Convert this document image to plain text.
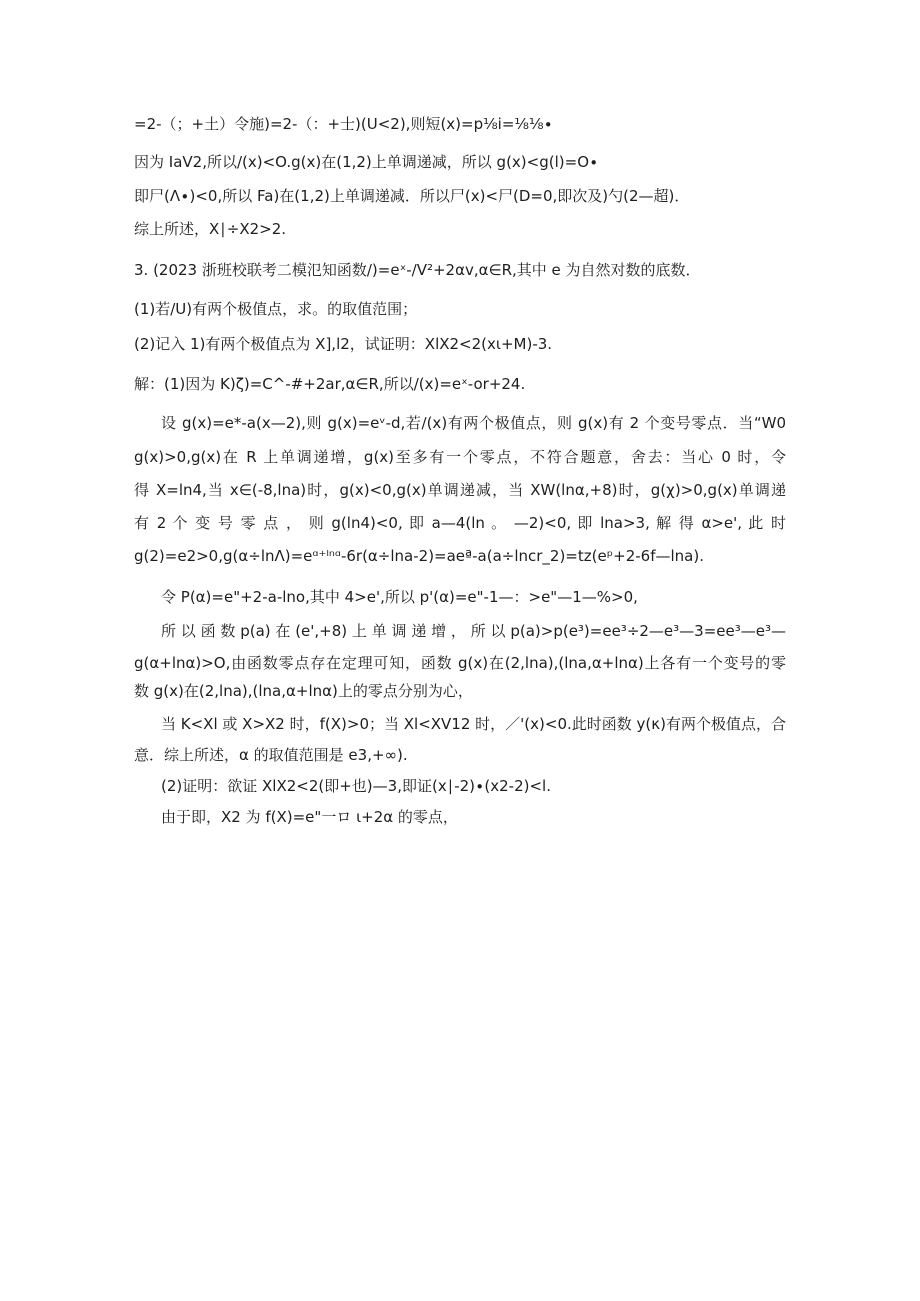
=2-（；+土）令施)=2-（：+士)(U<2),则短(x)=p⅛i=⅛⅛∙
因为 IaV2,所以/(x)<O.g(x)在(1,2)上单调递减，所以 g(x)<g(l)=O∙
即尸(Λ∙)<0,所以 Fa)在(1,2)上单调递减．所以尸(x)<尸(D=0,即次及)勺(2—超)．
综上所述，X∣÷X2>2.
3. (2023 浙班校联考二模氾知函数/)=eˣ-∕V²+2αv,α∈R,其中 e 为自然对数的底数．
(1)若/U)有两个极值点，求。的取值范围；
(2)记入 1)有两个极值点为 X],l2，试证明：XlX2<2(xι+M)-3.
解：(1)因为 K)ζ)=C^-#+2ar,α∈R,所以/(x)=eˣ-or+24.
设 g(x)=e*-a(x—2),则 g(x)=eᵛ-d,若∕(x)有两个极值点，则 g(x)有 2 个变号零点．当“W0
g(x)>0,g(x)在 R 上单调递增，g(x)至多有一个零点，不符合题意，舍去：当心 0 时，令
得 X=ln4,当 x∈(-8,lna)时，g(x)<0,g(x)单调递减，当 XW(lnα,+8)时，g(χ)>0,g(x)单调递
有 2 个 变 号 零 点 ， 则 g(ln4)<0, 即 a—4(ln 。 —2)<0, 即 lna>3, 解 得 α>e', 此 时
g(2)=e2>0,g(α÷lnΛ)=eᵅ⁺ˡⁿᵅ-6r(α÷lna-2)=aeª-a(a÷lncr_2)=tz(eᵖ+2-6f—lna).
令 P(α)=e"+2-a-lno,其中 4>e',所以 p'(α)=e"-1—：>e"—1—%>0,
所 以 函 数 p(a) 在 (e',+8) 上 单 调 递 增 ， 所 以 p(a)>p(e³)=ee³÷2—e³—3=ee³—e³—
g(α+lnα)>O,由函数零点存在定理可知，函数 g(x)在(2,lna),(lna,α+lnα)上各有一个变号的零
数 g(x)在(2,lna),(lna,α+lnα)上的零点分别为心，
当 K<Xl 或 X>X2 时，f(X)>0；当 Xl<XV12 时，／'(x)<0.此时函数 y(κ)有两个极值点，合
意．综上所述，α 的取值范围是 e3,+∞).
(2)证明：欲证 XlX2<2(即+也)—3,即证(x∣-2)∙(x2-2)<l.
由于即，X2 为 f(X)=e"一ロ ι+2α 的零点，
